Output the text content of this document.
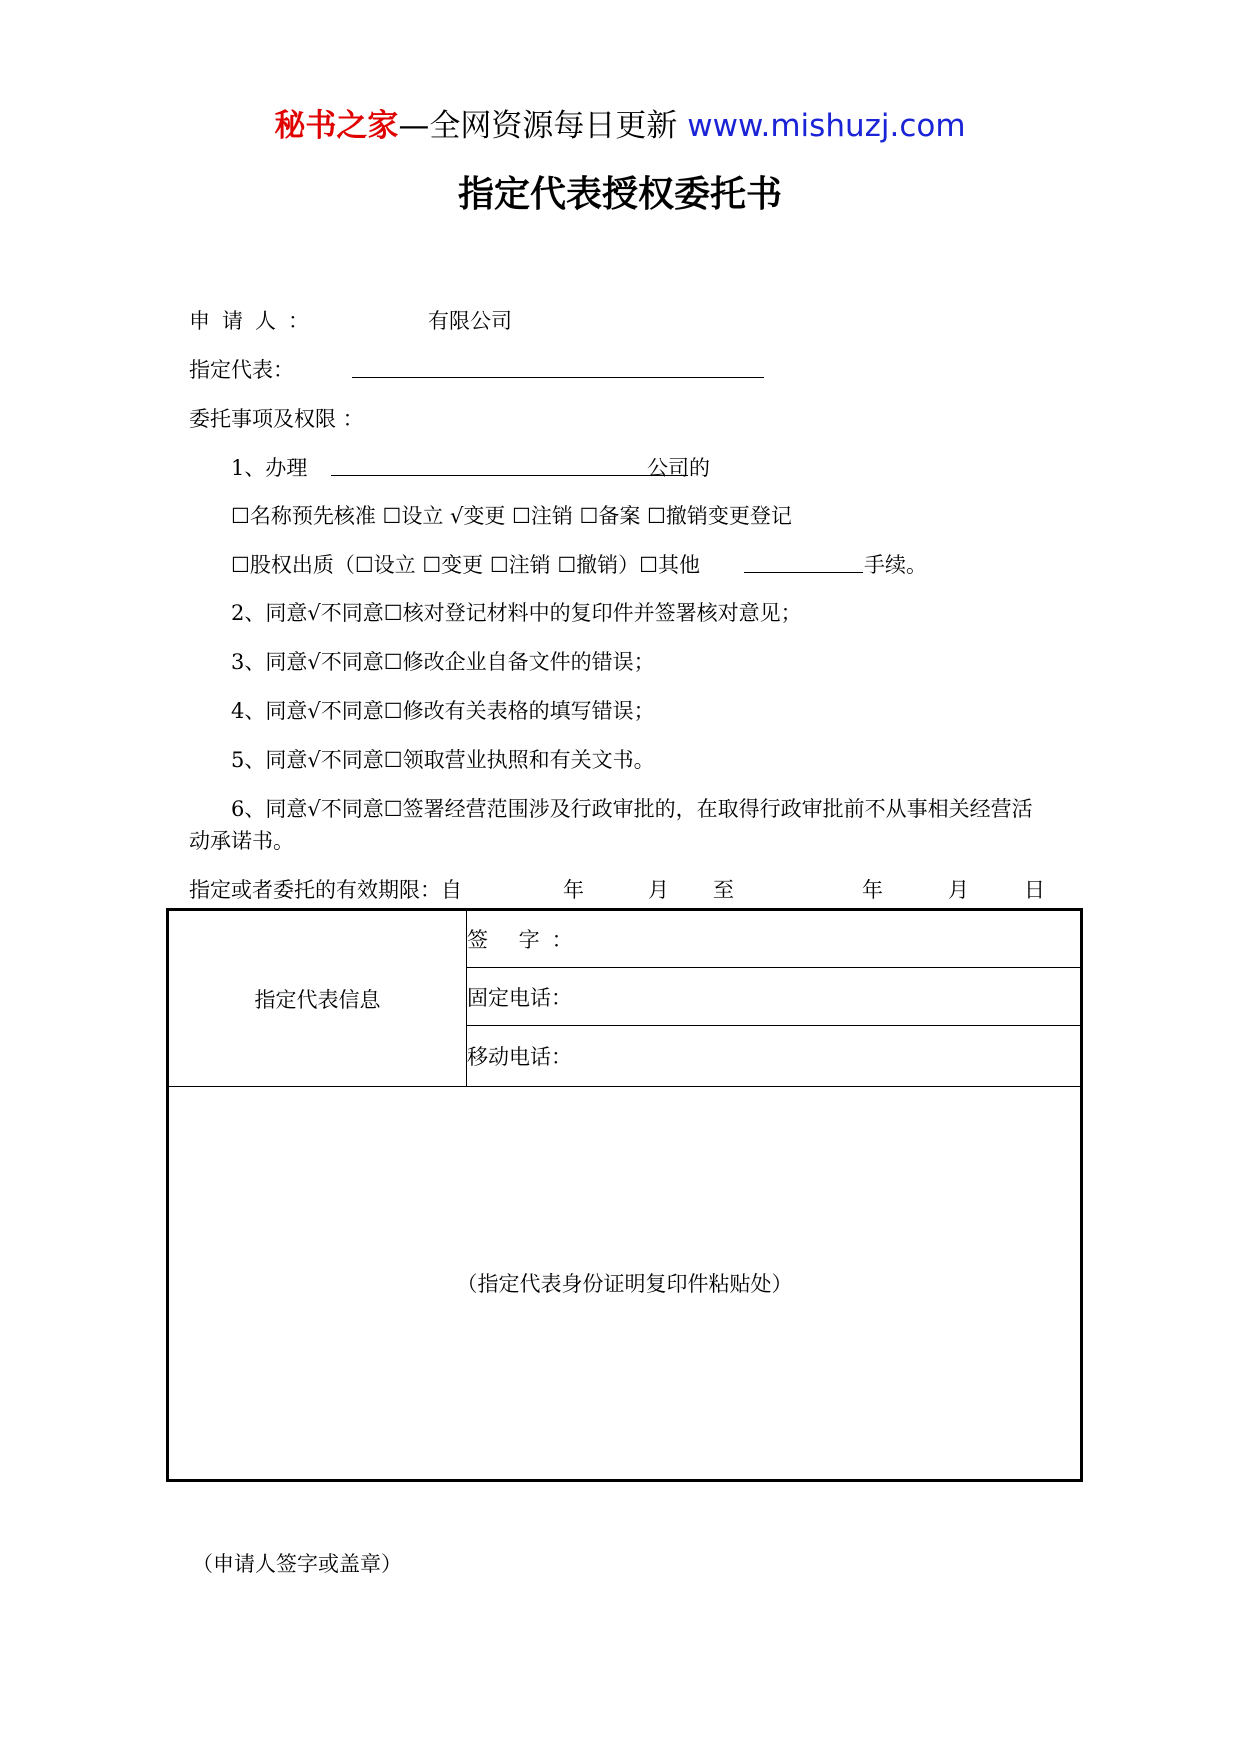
秘书之家—全网资源每日更新 www.mishuzj.com
指定代表授权委托书
申请人：	有限公司
指定代表：
委托事项及权限 ：
1、办理	公司的
☐名称预先核准 ☐设立 √变更 ☐注销 ☐备案 ☐撤销变更登记
☐股权出质（☐设立 ☐变更 ☐注销 ☐撤销）☐其他	手续。
2、同意√不同意☐核对登记材料中的复印件并签署核对意见；
3、同意√不同意☐修改企业自备文件的错误；
4、同意√不同意☐修改有关表格的填写错误；
5、同意√不同意☐领取营业执照和有关文书。
6、同意√不同意☐签署经营范围涉及行政审批的，在取得行政审批前不从事相关经营活
动承诺书。
指定或者委托的有效期限：自	年	月 至	年	月	日
指定代表信息	签 字：
固定电话：
移动电话：
（指定代表身份证明复印件粘贴处）
（申请人签字或盖章）
